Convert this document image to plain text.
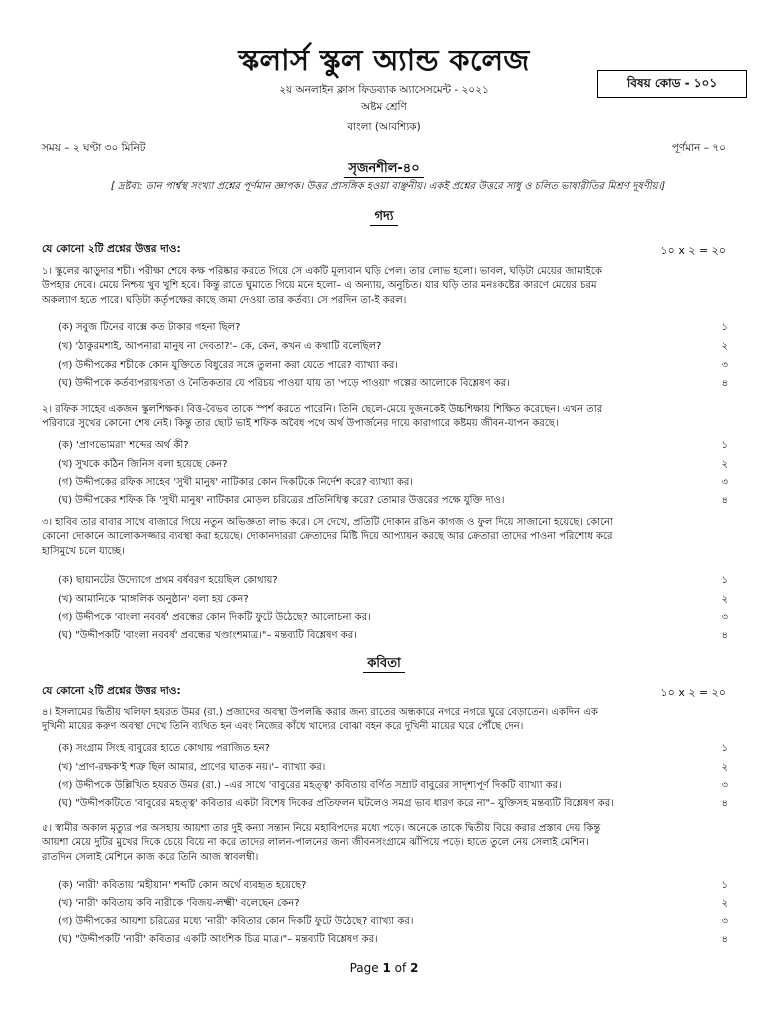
স্কলার্স স্কুল অ্যান্ড কলেজ
বিষয় কোড - ১০১
২য় অনলাইন ক্লাস ফিডব্যাক অ্যাসেসমেন্ট - ২০২১
অষ্টম শ্রেণি
বাংলা (আবশ্যিক)
সময় – ২ ঘণ্টা ৩০ মিনিট	পূর্ণমান – ৭০
সৃজনশীল-৪০
[ দ্রষ্টব্য: ডান পার্শ্বস্থ সংখ্যা প্রশ্নের পূর্ণমান জ্ঞাপক। উত্তর প্রাসঙ্গিক হওয়া বাঞ্ছনীয়। একই প্রশ্নের উত্তরে সাধু ও চলিত ভাষারীতির মিশ্রণ দূষণীয়।]
গদ্য
যে কোনো ২টি প্রশ্নের উত্তর দাও:	১০ x ২ = ২০

১। স্কুলের ঝাড়ুদার শচী। পরীক্ষা শেষে কক্ষ পরিষ্কার করতে গিয়ে সে একটি মূল্যবান ঘড়ি পেল। তার লোভ হলো। ভাবল, ঘড়িটা মেয়ের জামাইকে

উপহার দেবে। মেয়ে নিশ্চয় খুব খুশি হবে। কিন্তু রাতে ঘুমাতে গিয়ে মনে হলো– এ অন্যায়, অনুচিত। যার ঘড়ি তার মনঃকষ্টের কারণে মেয়ের চরম

অকল্যাণ হতে পারে। ঘড়িটা কর্তৃপক্ষের কাছে জমা দেওয়া তার কর্তব্য। সে পরদিন তা-ই করল।

(ক) সবুজ টিনের বাক্সে কত টাকার গহনা ছিল?	১
(খ) 'ঠাকুরমশাই, আপনারা মানুষ না দেবতা?'– কে, কেন, কখন এ কথাটি বলেছিল?	২
(গ) উদ্দীপকের শচীকে কোন যুক্তিতে বিধুরের সঙ্গে তুলনা করা যেতে পারে? ব্যাখ্যা কর।	৩
(ঘ) উদ্দীপকে কর্তব্যপরায়ণতা ও নৈতিকতার যে পরিচয় পাওয়া যায় তা 'পড়ে পাওয়া' গল্পের আলোকে বিশ্লেষণ কর।	৪

২। রফিক সাহেব একজন স্কুলশিক্ষক। বিত্ত-বৈভব তাকে স্পর্শ করতে পারেনি। তিনি ছেলে-মেয়ে দুজনকেই উচ্চশিক্ষায় শিক্ষিত করেছেন। এখন তার

পরিবারে সুখের কোনো শেষ নেই। কিন্তু তার ছোট ভাই শফিক অবৈধ পথে অর্থ উপার্জনের দায়ে কারাগারে কষ্টময় জীবন-যাপন করছে।

(ক) 'প্রাণভোমরা' শব্দের অর্থ কী?	১
(খ) সুখকে কঠিন জিনিস বলা হয়েছে কেন?	২
(গ) উদ্দীপকের রফিক সাহেব 'সুখী মানুষ' নাটিকার কোন দিকটিকে নির্দেশ করে? ব্যাখ্যা কর।	৩
(ঘ) উদ্দীপকের শফিক কি 'সুখী মানুষ' নাটিকার মোড়ল চরিত্রের প্রতিনিধিত্ব করে? তোমার উত্তরের পক্ষে যুক্তি দাও।	৪

৩। হাবিব তার বাবার সাথে বাজারে গিয়ে নতুন অভিজ্ঞতা লাভ করে। সে দেখে, প্রতিটি দোকান রঙিন কাগজ ও ফুল দিয়ে সাজানো হয়েছে। কোনো

কোনো দোকানে আলোকসজ্জার ব্যবস্থা করা হয়েছে। দোকানদাররা ক্রেতাদের মিষ্টি দিয়ে আপ্যায়ন করছে আর ক্রেতারা তাদের পাওনা পরিশোধ করে

হাসিমুখে চলে যাচ্ছে।

(ক) ছায়ানটের উদ্যোগে প্রথম বর্ষবরণ হয়েছিল কোথায়?	১
(খ) আমানিকে 'মাঙ্গলিক অনুষ্ঠান' বলা হয় কেন?	২
(গ) উদ্দীপকে 'বাংলা নববর্ষ' প্রবন্ধের কোন দিকটি ফুটে উঠেছে? আলোচনা কর।	৩
(ঘ) "উদ্দীপকটি 'বাংলা নববর্ষ' প্রবন্ধের খণ্ডাংশমাত্র।"– মন্তব্যটি বিশ্লেষণ কর।	৪
কবিতা
যে কোনো ২টি প্রশ্নের উত্তর দাও:	১০ x ২ = ২০

৪। ইসলামের দ্বিতীয় খলিফা হযরত উমর (রা.) প্রজাদের অবস্থা উপলব্ধি করার জন্য রাতের অন্ধকারে নগরে নগরে ঘুরে বেড়াতেন। একদিন এক

দুখিনী মায়ের করুণ অবস্থা দেখে তিনি ব্যথিত হন এবং নিজের কাঁধে খাদ্যের বোঝা বহন করে দুখিনী মায়ের ঘরে পৌঁছে দেন।

(ক) সংগ্রাম সিংহ বাবুরের হাতে কোথায় পরাজিত হন?	১
(খ) 'প্রাণ-রক্ষক'ই শত্রু ছিল আমার, প্রাণের ঘাতক নয়।'– ব্যাখ্যা কর।	২
(গ) উদ্দীপকে উল্লিখিত হযরত উমর (রা.) –এর সাথে 'বাবুরের মহত্ত্ব' কবিতায় বর্ণিত সম্রাট বাবুরের সাদৃশ্যপূর্ণ দিকটি ব্যাখ্যা কর।	৩
(ঘ) "উদ্দীপকটিতে 'বাবুরের মহত্ত্ব' কবিতার একটা বিশেষ দিকের প্রতিফলন ঘটলেও সমগ্র ভাব ধারণ করে না"– যুক্তিসহ মন্তব্যটি বিশ্লেষণ কর।	৪

৫। স্বামীর অকাল মৃত্যুর পর অসহায় আয়শা তার দুই কন্যা সন্তান নিয়ে মহাবিপদের মধ্যে পড়ে। অনেকে তাকে দ্বিতীয় বিয়ে করার প্রস্তাব দেয় কিন্তু

আয়শা মেয়ে দুটির মুখের দিকে চেয়ে বিয়ে না করে তাদের লালন-পালনের জন্য জীবনসংগ্রামে ঝাঁপিয়ে পড়ে। হাতে তুলে নেয় সেলাই মেশিন।

রাতদিন সেলাই মেশিনে কাজ করে তিনি আজ স্বাবলম্বী।

(ক) 'নারী' কবিতায় 'মহীয়ান' শব্দটি কোন অর্থে ব্যবহৃত হয়েছে?	১
(খ) 'নারী' কবিতায় কবি নারীকে 'বিজয়-লক্ষ্মী' বলেছেন কেন?	২
(গ) উদ্দীপকের আয়শা চরিত্রের মধ্যে 'নারী' কবিতার কোন দিকটি ফুটে উঠেছে? ব্যাখ্যা কর।	৩
(ঘ) "উদ্দীপকটি 'নারী' কবিতার একটি আংশিক চিত্র মাত্র।"– মন্তব্যটি বিশ্লেষণ কর।	৪
Page 1 of 2
